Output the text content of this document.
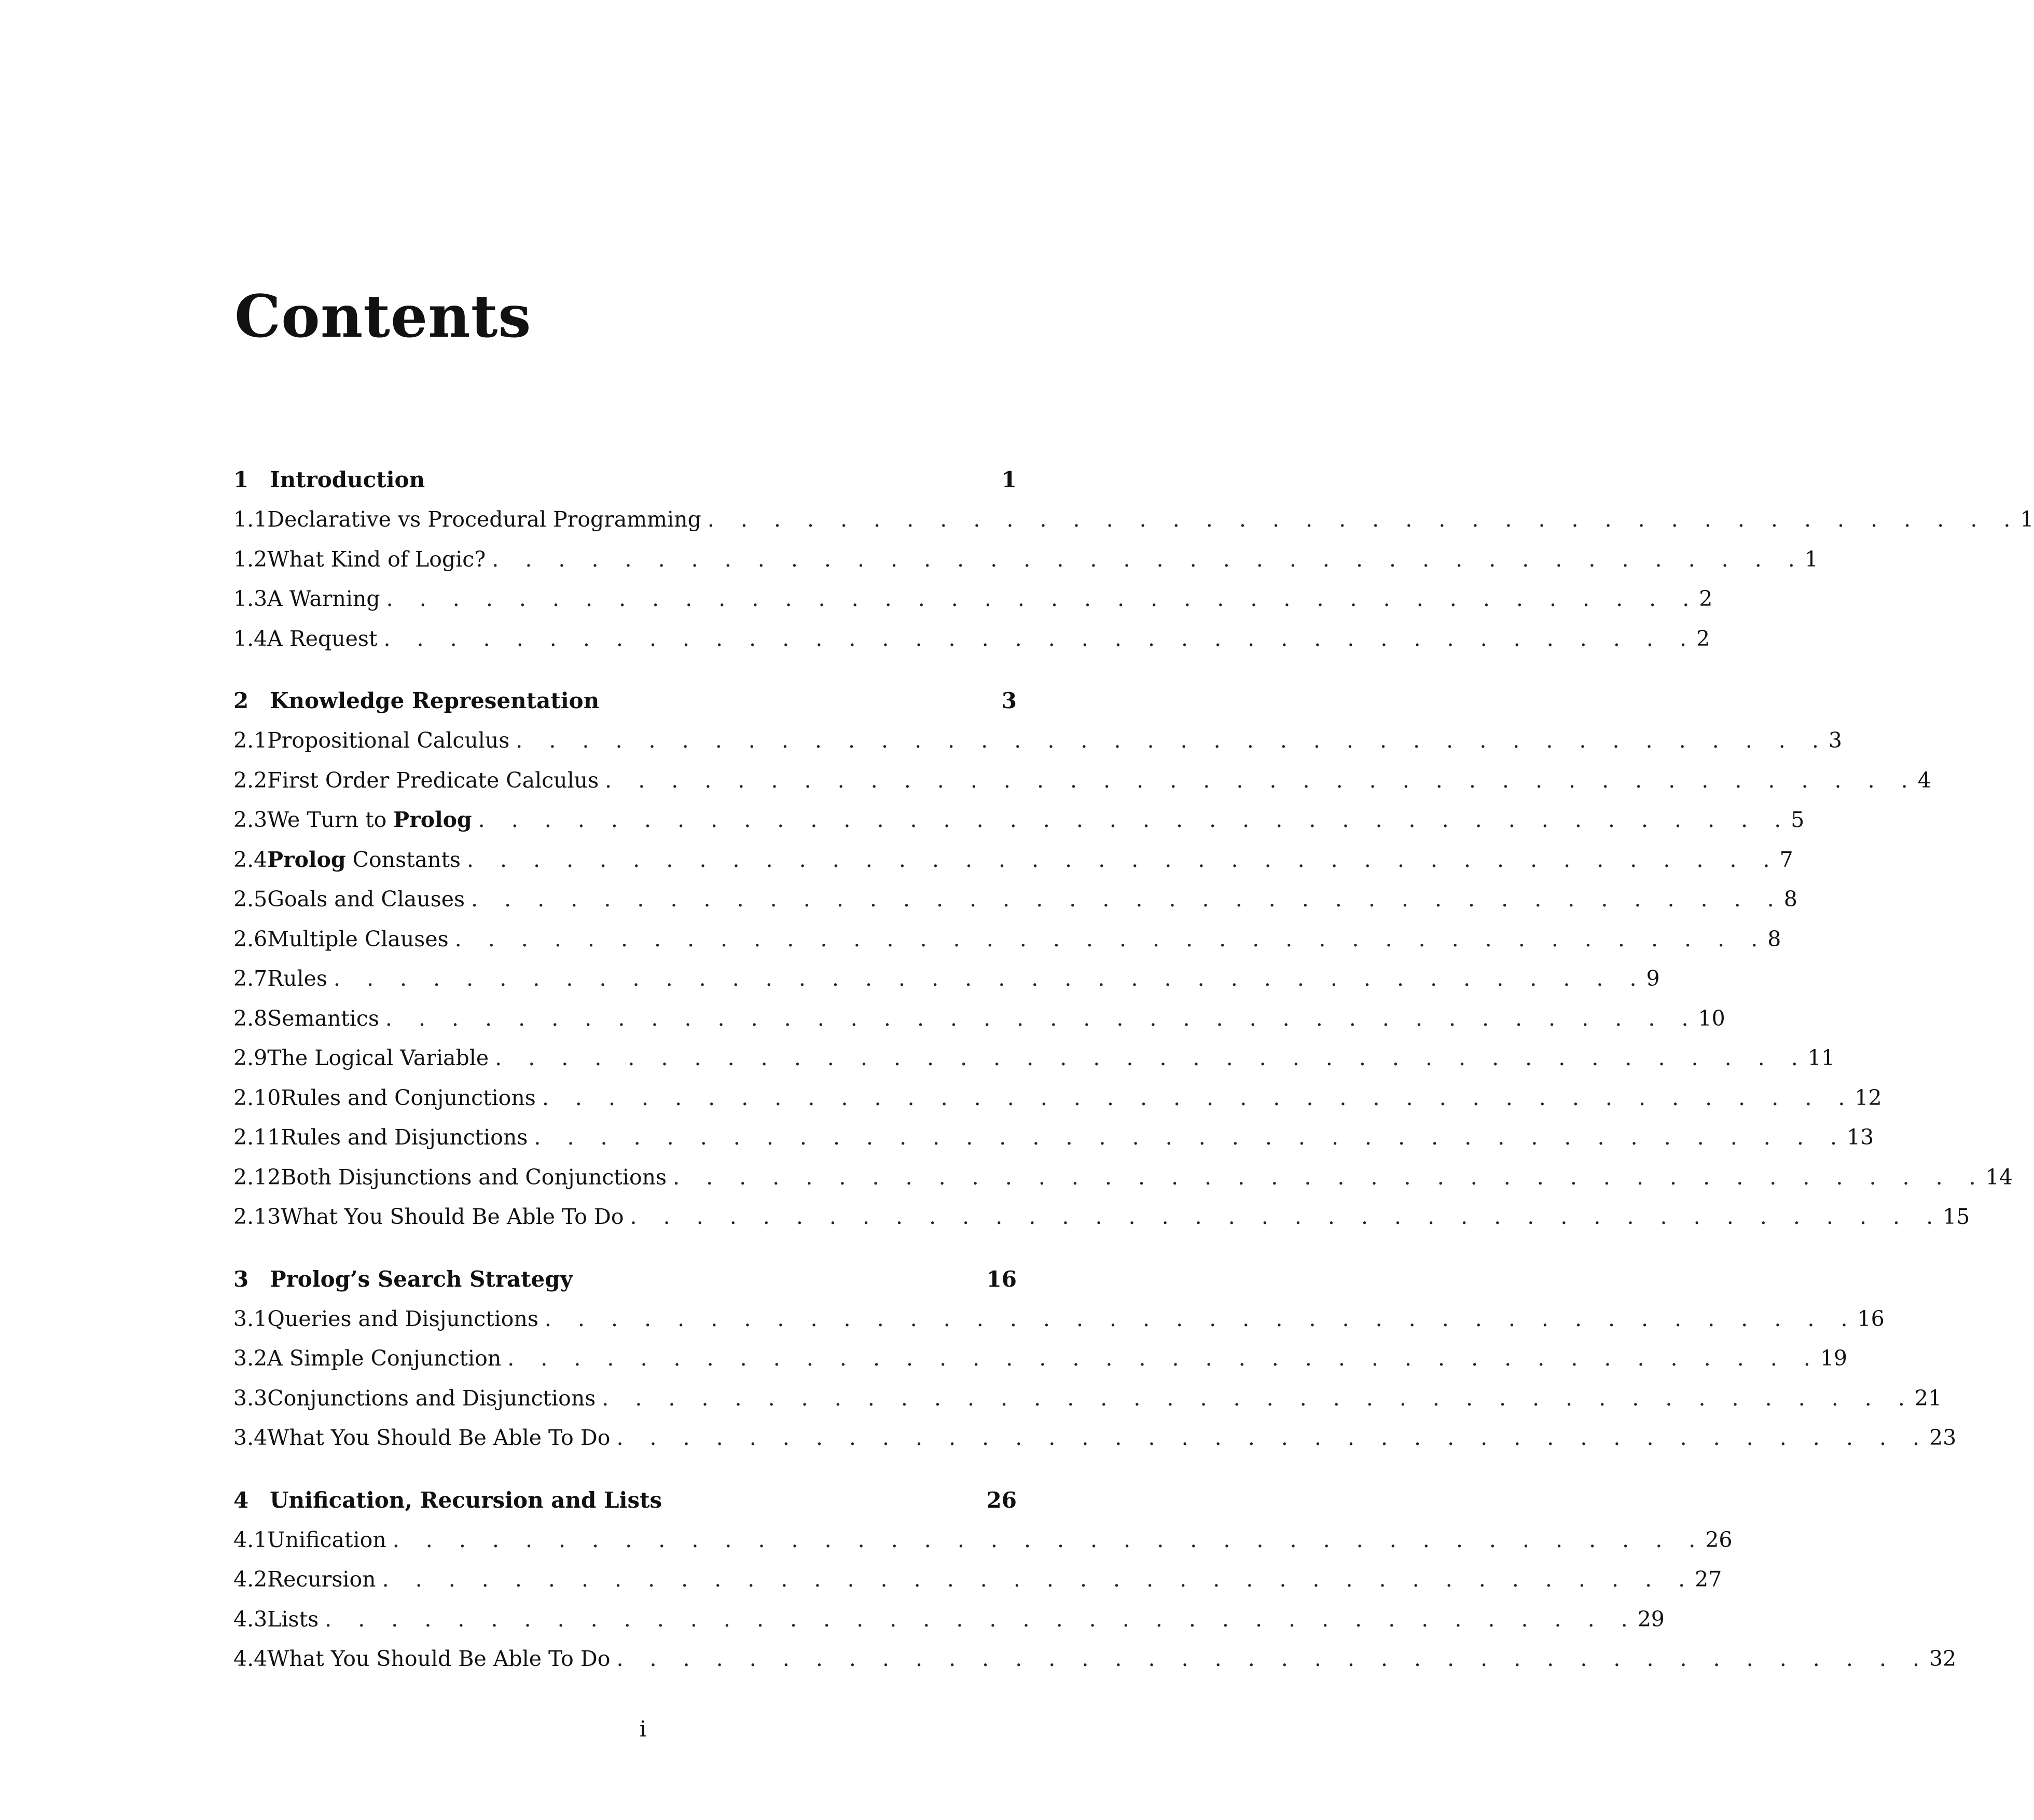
Contents
1 Introduction	1
1.1 Declarative vs Procedural Programming . . . . . . . . . . . . . . . . . . . . . . . . . . . . . . . . . . . . . . . . 1
1.2 What Kind of Logic? . . . . . . . . . . . . . . . . . . . . . . . . . . . . . . . . . . . . . . . . 1
1.3 A Warning . . . . . . . . . . . . . . . . . . . . . . . . . . . . . . . . . . . . . . . . 2
1.4 A Request . . . . . . . . . . . . . . . . . . . . . . . . . . . . . . . . . . . . . . . . 2
2 Knowledge Representation	3
2.1 Propositional Calculus . . . . . . . . . . . . . . . . . . . . . . . . . . . . . . . . . . . . . . . . 3
2.2 First Order Predicate Calculus . . . . . . . . . . . . . . . . . . . . . . . . . . . . . . . . . . . . . . . . 4
2.3 We Turn to Prolog . . . . . . . . . . . . . . . . . . . . . . . . . . . . . . . . . . . . . . . . 5
2.4 Prolog Constants . . . . . . . . . . . . . . . . . . . . . . . . . . . . . . . . . . . . . . . . 7
2.5 Goals and Clauses . . . . . . . . . . . . . . . . . . . . . . . . . . . . . . . . . . . . . . . . 8
2.6 Multiple Clauses . . . . . . . . . . . . . . . . . . . . . . . . . . . . . . . . . . . . . . . . 8
2.7 Rules . . . . . . . . . . . . . . . . . . . . . . . . . . . . . . . . . . . . . . . . 9
2.8 Semantics . . . . . . . . . . . . . . . . . . . . . . . . . . . . . . . . . . . . . . . . 10
2.9 The Logical Variable . . . . . . . . . . . . . . . . . . . . . . . . . . . . . . . . . . . . . . . . 11
2.10 Rules and Conjunctions . . . . . . . . . . . . . . . . . . . . . . . . . . . . . . . . . . . . . . . . 12
2.11 Rules and Disjunctions . . . . . . . . . . . . . . . . . . . . . . . . . . . . . . . . . . . . . . . . 13
2.12 Both Disjunctions and Conjunctions . . . . . . . . . . . . . . . . . . . . . . . . . . . . . . . . . . . . . . . . 14
2.13 What You Should Be Able To Do . . . . . . . . . . . . . . . . . . . . . . . . . . . . . . . . . . . . . . . . 15
3 Prolog’s Search Strategy	16
3.1 Queries and Disjunctions . . . . . . . . . . . . . . . . . . . . . . . . . . . . . . . . . . . . . . . . 16
3.2 A Simple Conjunction . . . . . . . . . . . . . . . . . . . . . . . . . . . . . . . . . . . . . . . . 19
3.3 Conjunctions and Disjunctions . . . . . . . . . . . . . . . . . . . . . . . . . . . . . . . . . . . . . . . . 21
3.4 What You Should Be Able To Do . . . . . . . . . . . . . . . . . . . . . . . . . . . . . . . . . . . . . . . . 23
4 Unification, Recursion and Lists	26
4.1 Unification . . . . . . . . . . . . . . . . . . . . . . . . . . . . . . . . . . . . . . . . 26
4.2 Recursion . . . . . . . . . . . . . . . . . . . . . . . . . . . . . . . . . . . . . . . . 27
4.3 Lists . . . . . . . . . . . . . . . . . . . . . . . . . . . . . . . . . . . . . . . . 29
4.4 What You Should Be Able To Do . . . . . . . . . . . . . . . . . . . . . . . . . . . . . . . . . . . . . . . . 32
i
